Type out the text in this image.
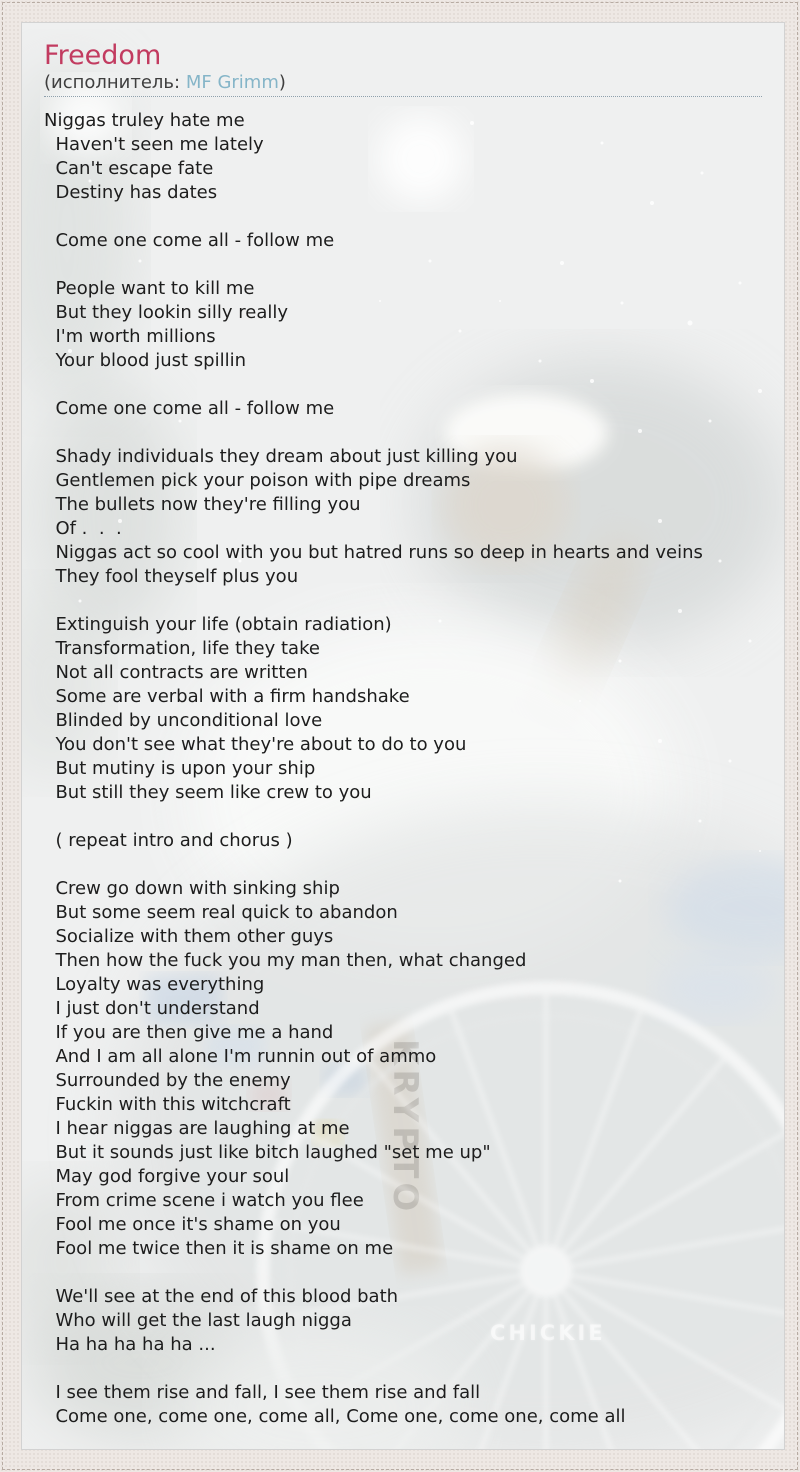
KRYPTO
CHICKIE
Freedom

(исполнитель: MF Grimm)

Niggas truley hate me
Haven't seen me lately
Can't escape fate
Destiny has dates
Come one come all - follow me
People want to kill me
But they lookin silly really
I'm worth millions
Your blood just spillin
Come one come all - follow me
Shady individuals they dream about just killing you
Gentlemen pick your poison with pipe dreams
The bullets now they're filling you
Of .  .  .
Niggas act so cool with you but hatred runs so deep in hearts and veins
They fool theyself plus you
Extinguish your life (obtain radiation)
Transformation, life they take
Not all contracts are written
Some are verbal with a firm handshake
Blinded by unconditional love
You don't see what they're about to do to you
But mutiny is upon your ship
But still they seem like crew to you
( repeat intro and chorus )
Crew go down with sinking ship
But some seem real quick to abandon
Socialize with them other guys
Then how the fuck you my man then, what changed
Loyalty was everything
I just don't understand
If you are then give me a hand
And I am all alone I'm runnin out of ammo
Surrounded by the enemy
Fuckin with this witchcraft
I hear niggas are laughing at me
But it sounds just like bitch laughed "set me up"
May god forgive your soul
From crime scene i watch you flee
Fool me once it's shame on you
Fool me twice then it is shame on me
We'll see at the end of this blood bath
Who will get the last laugh nigga
Ha ha ha ha ha ...
I see them rise and fall, I see them rise and fall
Come one, come one, come all, Come one, come one, come all
